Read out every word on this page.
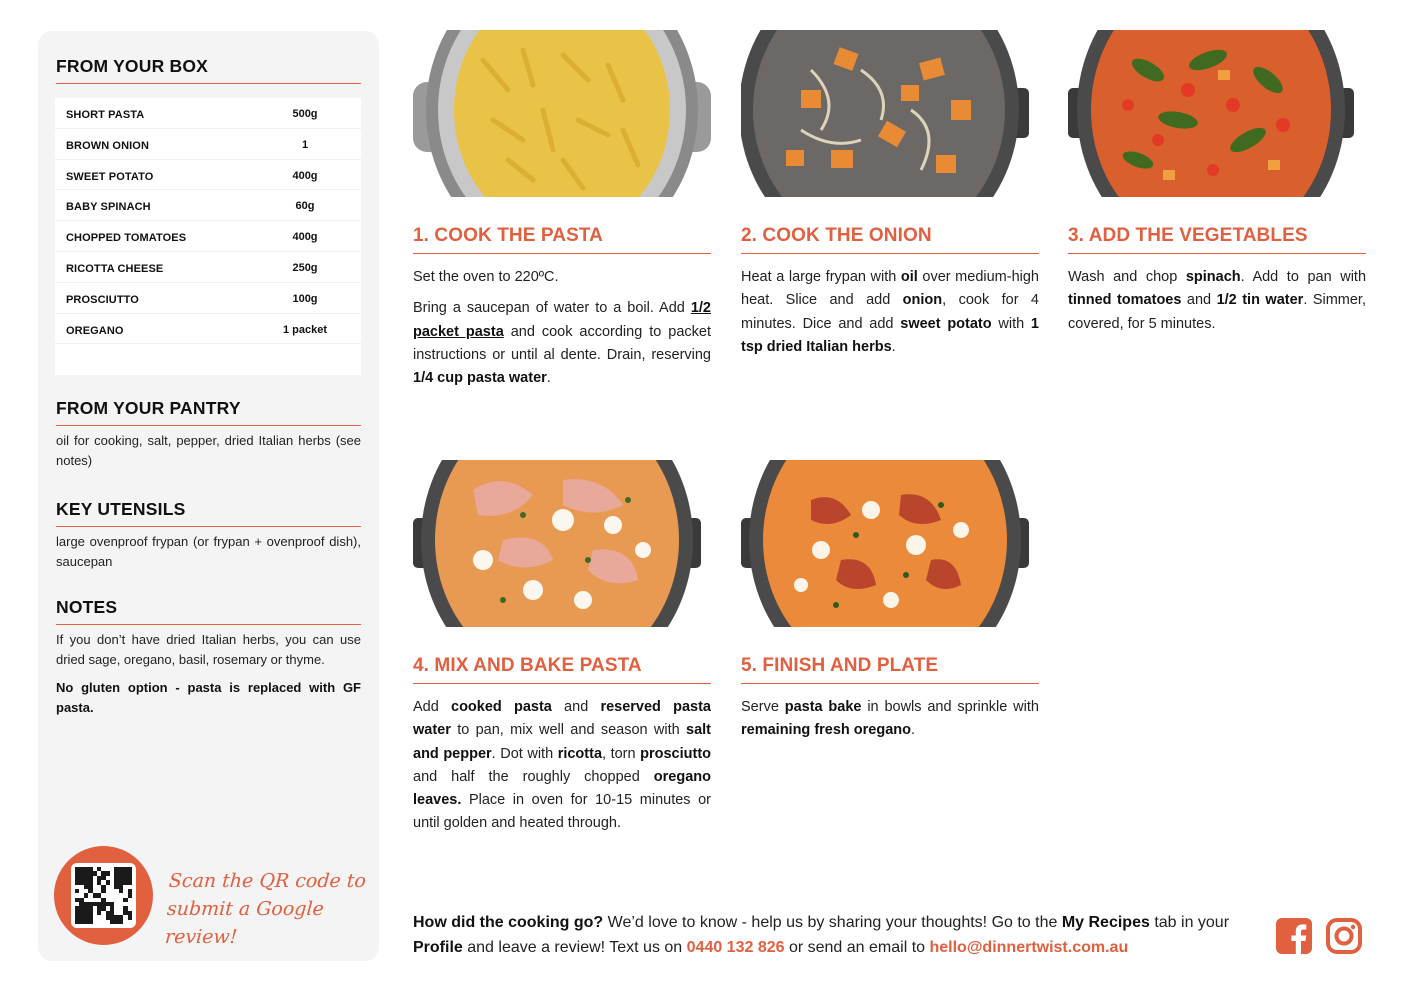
FROM YOUR BOX
SHORT PASTA	500g
BROWN ONION	1
SWEET POTATO	400g
BABY SPINACH	60g
CHOPPED TOMATOES	400g
RICOTTA CHEESE	250g
PROSCIUTTO	100g
OREGANO	1 packet
FROM YOUR PANTRY
oil for cooking, salt, pepper, dried Italian herbs (see notes)
KEY UTENSILS
large ovenproof frypan (or frypan + ovenproof dish), saucepan
NOTES
If you don’t have dried Italian herbs, you can use dried sage, oregano, basil, rosemary or thyme.
No gluten option - pasta is replaced with GF pasta.
Scan the QR code to
submit a Google review!
1. COOK THE PASTA

Set the oven to 220ºC.

Bring a saucepan of water to a boil. Add 1/2 packet pasta and cook according to packet instructions or until al dente. Drain, reserving 1/4 cup pasta water.

2. COOK THE ONION

Heat a large frypan with oil over medium-high heat. Slice and add onion, cook for 4 minutes. Dice and add sweet potato with 1 tsp dried Italian herbs.

3. ADD THE VEGETABLES

Wash and chop spinach. Add to pan with tinned tomatoes and 1/2 tin water. Simmer, covered, for 5 minutes.

4. MIX AND BAKE PASTA

Add cooked pasta and reserved pasta water to pan, mix well and season with salt and pepper. Dot with ricotta, torn prosciutto and half the roughly chopped oregano leaves. Place in oven for 10-15 minutes or until golden and heated through.

5. FINISH AND PLATE

Serve pasta bake in bowls and sprinkle with remaining fresh oregano.

How did the cooking go? We’d love to know - help us by sharing your thoughts! Go to the My Recipes tab in your Profile and leave a review! Text us on 0440 132 826 or send an email to hello@dinnertwist.com.au
